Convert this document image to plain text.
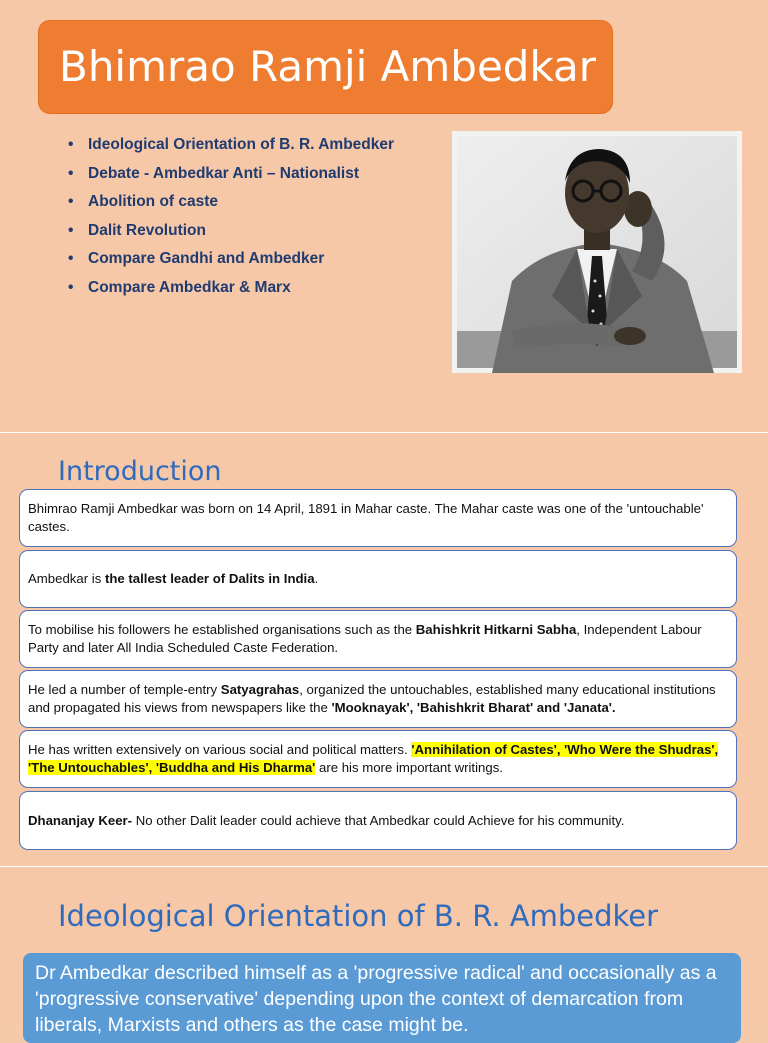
Bhimrao Ramji Ambedkar
• Ideological Orientation of B. R. Ambedker
• Debate - Ambedkar Anti – Nationalist
• Abolition of caste
• Dalit Revolution
• Compare Gandhi and Ambedker
• Compare Ambedkar & Marx
Introduction
Bhimrao Ramji Ambedkar was born on 14 April, 1891 in Mahar caste. The Mahar caste was one of the 'untouchable' castes.
Ambedkar is the tallest leader of Dalits in India.
To mobilise his followers he established organisations such as the Bahishkrit Hitkarni Sabha, Independent Labour Party and later All India Scheduled Caste Federation.
He led a number of temple-entry Satyagrahas, organized the untouchables, established many educational institutions and propagated his views from newspapers like the 'Mooknayak', 'Bahishkrit Bharat' and 'Janata'.
He has written extensively on various social and political matters. 'Annihilation of Castes', 'Who Were the Shudras', 'The Untouchables', 'Buddha and His Dharma' are his more important writings.
Dhananjay Keer- No other Dalit leader could achieve that Ambedkar could Achieve for his community.
Ideological Orientation of B. R. Ambedker
Dr Ambedkar described himself as a 'progressive radical' and occasionally as a 'progressive conservative' depending upon the context of demarcation from liberals, Marxists and others as the case might be.
